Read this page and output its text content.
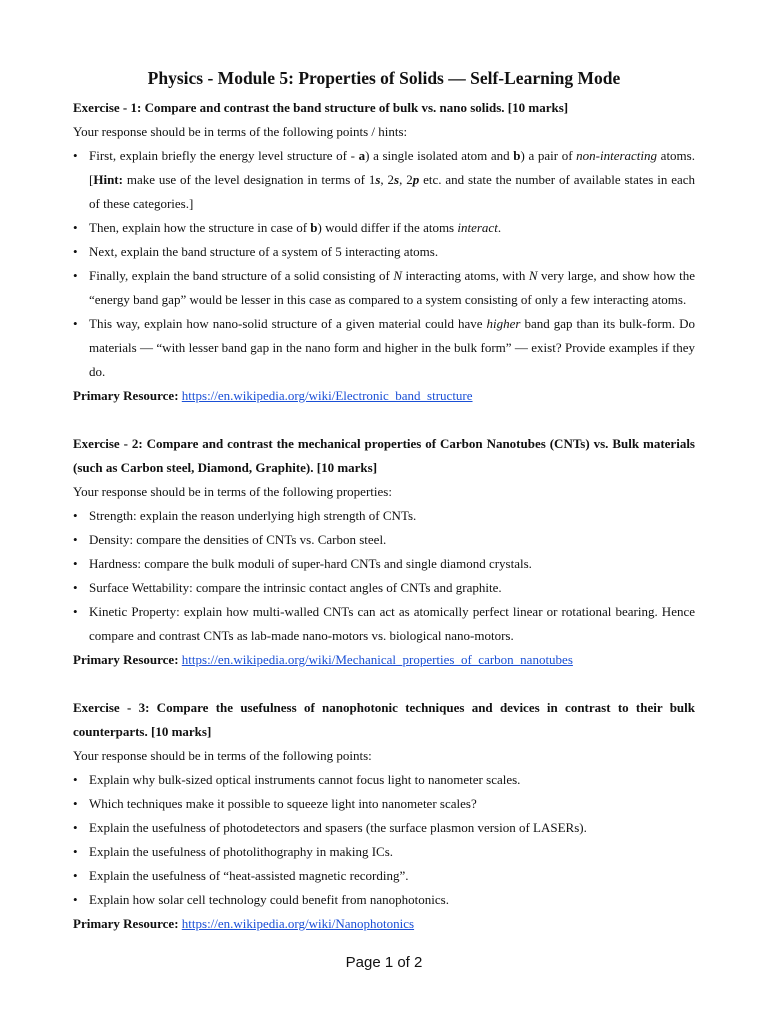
Physics - Module 5: Properties of Solids — Self-Learning Mode
Exercise - 1: Compare and contrast the band structure of bulk vs. nano solids. [10 marks]
Your response should be in terms of the following points / hints:
• First, explain briefly the energy level structure of - a) a single isolated atom and b) a pair of non-interacting atoms. [Hint: make use of the level designation in terms of 1s, 2s, 2p etc. and state the number of available states in each of these categories.]
• Then, explain how the structure in case of b) would differ if the atoms interact.
• Next, explain the band structure of a system of 5 interacting atoms.
• Finally, explain the band structure of a solid consisting of N interacting atoms, with N very large, and show how the “energy band gap” would be lesser in this case as compared to a system consisting of only a few interacting atoms.
• This way, explain how nano-solid structure of a given material could have higher band gap than its bulk-form. Do materials — “with lesser band gap in the nano form and higher in the bulk form” — exist? Provide examples if they do.
Primary Resource: https://en.wikipedia.org/wiki/Electronic_band_structure
Exercise - 2: Compare and contrast the mechanical properties of Carbon Nanotubes (CNTs) vs. Bulk materials (such as Carbon steel, Diamond, Graphite). [10 marks]
Your response should be in terms of the following properties:
• Strength: explain the reason underlying high strength of CNTs.
• Density: compare the densities of CNTs vs. Carbon steel.
• Hardness: compare the bulk moduli of super-hard CNTs and single diamond crystals.
• Surface Wettability: compare the intrinsic contact angles of CNTs and graphite.
• Kinetic Property: explain how multi-walled CNTs can act as atomically perfect linear or rotational bearing. Hence compare and contrast CNTs as lab-made nano-motors vs. biological nano-motors.
Primary Resource: https://en.wikipedia.org/wiki/Mechanical_properties_of_carbon_nanotubes
Exercise - 3: Compare the usefulness of nanophotonic techniques and devices in contrast to their bulk counterparts. [10 marks]
Your response should be in terms of the following points:
• Explain why bulk-sized optical instruments cannot focus light to nanometer scales.
• Which techniques make it possible to squeeze light into nanometer scales?
• Explain the usefulness of photodetectors and spasers (the surface plasmon version of LASERs).
• Explain the usefulness of photolithography in making ICs.
• Explain the usefulness of “heat-assisted magnetic recording”.
• Explain how solar cell technology could benefit from nanophotonics.
Primary Resource: https://en.wikipedia.org/wiki/Nanophotonics
Page 1 of 2
